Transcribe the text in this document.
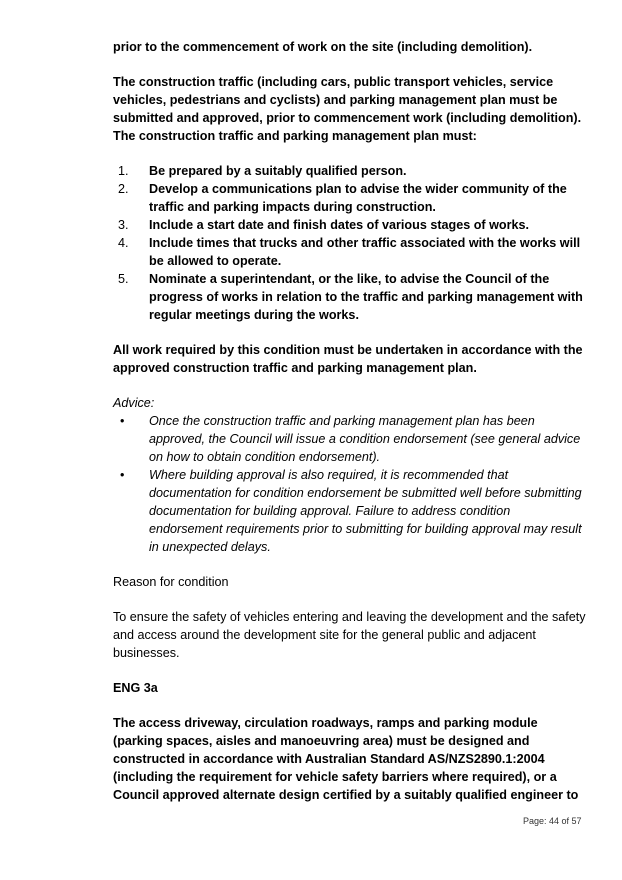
prior to the commencement of work on the site (including demolition).

The construction traffic (including cars, public transport vehicles, service vehicles, pedestrians and cyclists) and parking management plan must be submitted and approved, prior to commencement work (including demolition). The construction traffic and parking management plan must:

1. Be prepared by a suitably qualified person.
2. Develop a communications plan to advise the wider community of the traffic and parking impacts during construction.
3. Include a start date and finish dates of various stages of works.
4. Include times that trucks and other traffic associated with the works will be allowed to operate.
5. Nominate a superintendant, or the like, to advise the Council of the progress of works in relation to the traffic and parking management with regular meetings during the works.

All work required by this condition must be undertaken in accordance with the approved construction traffic and parking management plan.

Advice:

• Once the construction traffic and parking management plan has been approved, the Council will issue a condition endorsement (see general advice on how to obtain condition endorsement).
• Where building approval is also required, it is recommended that documentation for condition endorsement be submitted well before submitting documentation for building approval. Failure to address condition endorsement requirements prior to submitting for building approval may result in unexpected delays.

Reason for condition

To ensure the safety of vehicles entering and leaving the development and the safety and access around the development site for the general public and adjacent businesses.

ENG 3a

The access driveway, circulation roadways, ramps and parking module (parking spaces, aisles and manoeuvring area) must be designed and constructed in accordance with Australian Standard AS/NZS2890.1:2004 (including the requirement for vehicle safety barriers where required), or a Council approved alternate design certified by a suitably qualified engineer to

Page: 44 of 57
